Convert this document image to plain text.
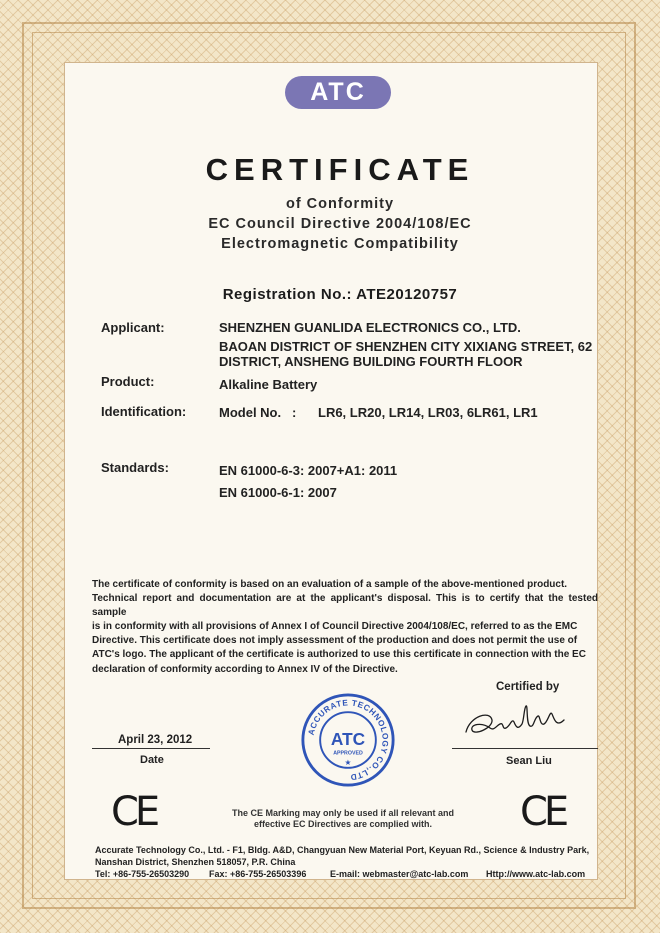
ATC
CERTIFICATE
of Conformity
EC Council Directive 2004/108/EC
Electromagnetic Compatibility
Registration No.: ATE20120757
Applicant:	SHENZHEN GUANLIDA ELECTRONICS CO., LTD.
BAOAN DISTRICT OF SHENZHEN CITY XIXIANG STREET, 62
DISTRICT, ANSHENG BUILDING FOURTH FLOOR
Product:	Alkaline Battery
Identification:	Model No. : LR6, LR20, LR14, LR03, 6LR61, LR1
Standards:	EN 61000-6-3: 2007+A1: 2011
EN 61000-6-1: 2007

The certificate of conformity is based on an evaluation of a sample of the above-mentioned product.

Technical report and documentation are at the applicant's disposal. This is to certify that the tested sample

is in conformity with all provisions of Annex I of Council Directive 2004/108/EC, referred to as the EMC

Directive. This certificate does not imply assessment of the production and does not permit the use of

ATC's logo. The applicant of the certificate is authorized to use this certificate in connection with the EC

declaration of conformity according to Annex IV of the Directive.

April 23, 2012
Date
ACCURATE TECHNOLOGY CO.,LTD
ATC
APPROVED
★
Certified by
Sean Liu
CE	CE
The CE Marking may only be used if all relevant and
effective EC Directives are complied with.
Accurate Technology Co., Ltd. - F1, Bldg. A&D, Changyuan New Material Port, Keyuan Rd., Science & Industry Park,
Nanshan District, Shenzhen 518057, P.R. China
Tel: +86-755-26503290 Fax: +86-755-26503396	E-mail: webmaster@atc-lab.com Http://www.atc-lab.com
